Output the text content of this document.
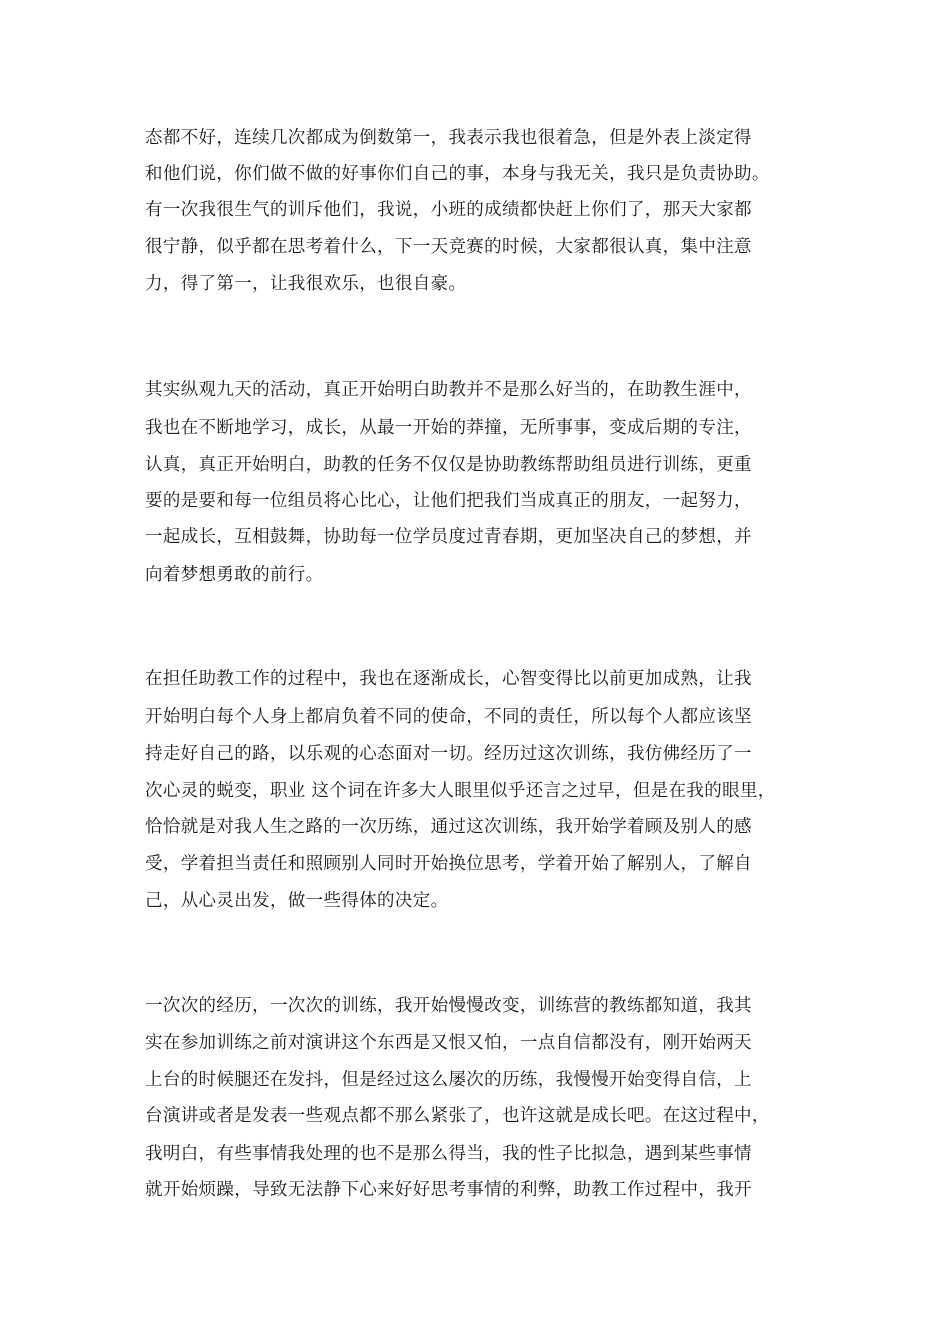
态都不好，连续几次都成为倒数第一，我表示我也很着急，但是外表上淡定得
和他们说，你们做不做的好事你们自己的事，本身与我无关，我只是负责协助。
有一次我很生气的训斥他们，我说，小班的成绩都快赶上你们了，那天大家都
很宁静，似乎都在思考着什么，下一天竞赛的时候，大家都很认真，集中注意
力，得了第一，让我很欢乐，也很自豪。
其实纵观九天的活动，真正开始明白助教并不是那么好当的，在助教生涯中，
我也在不断地学习，成长，从最一开始的莽撞，无所事事，变成后期的专注，
认真，真正开始明白，助教的任务不仅仅是协助教练帮助组员进行训练，更重
要的是要和每一位组员将心比心，让他们把我们当成真正的朋友，一起努力，
一起成长，互相鼓舞，协助每一位学员度过青春期，更加坚决自己的梦想，并
向着梦想勇敢的前行。
在担任助教工作的过程中，我也在逐渐成长，心智变得比以前更加成熟，让我
开始明白每个人身上都肩负着不同的使命，不同的责任，所以每个人都应该坚
持走好自己的路，以乐观的心态面对一切。经历过这次训练，我仿佛经历了一
次心灵的蜕变，职业 这个词在许多大人眼里似乎还言之过早，但是在我的眼里，
恰恰就是对我人生之路的一次历练，通过这次训练，我开始学着顾及别人的感
受，学着担当责任和照顾别人同时开始换位思考，学着开始了解别人，了解自
己，从心灵出发，做一些得体的决定。
一次次的经历，一次次的训练，我开始慢慢改变，训练营的教练都知道，我其
实在参加训练之前对演讲这个东西是又恨又怕，一点自信都没有，刚开始两天
上台的时候腿还在发抖，但是经过这么屡次的历练，我慢慢开始变得自信，上
台演讲或者是发表一些观点都不那么紧张了，也许这就是成长吧。在这过程中，
我明白，有些事情我处理的也不是那么得当，我的性子比拟急，遇到某些事情
就开始烦躁，导致无法静下心来好好思考事情的利弊，助教工作过程中，我开
